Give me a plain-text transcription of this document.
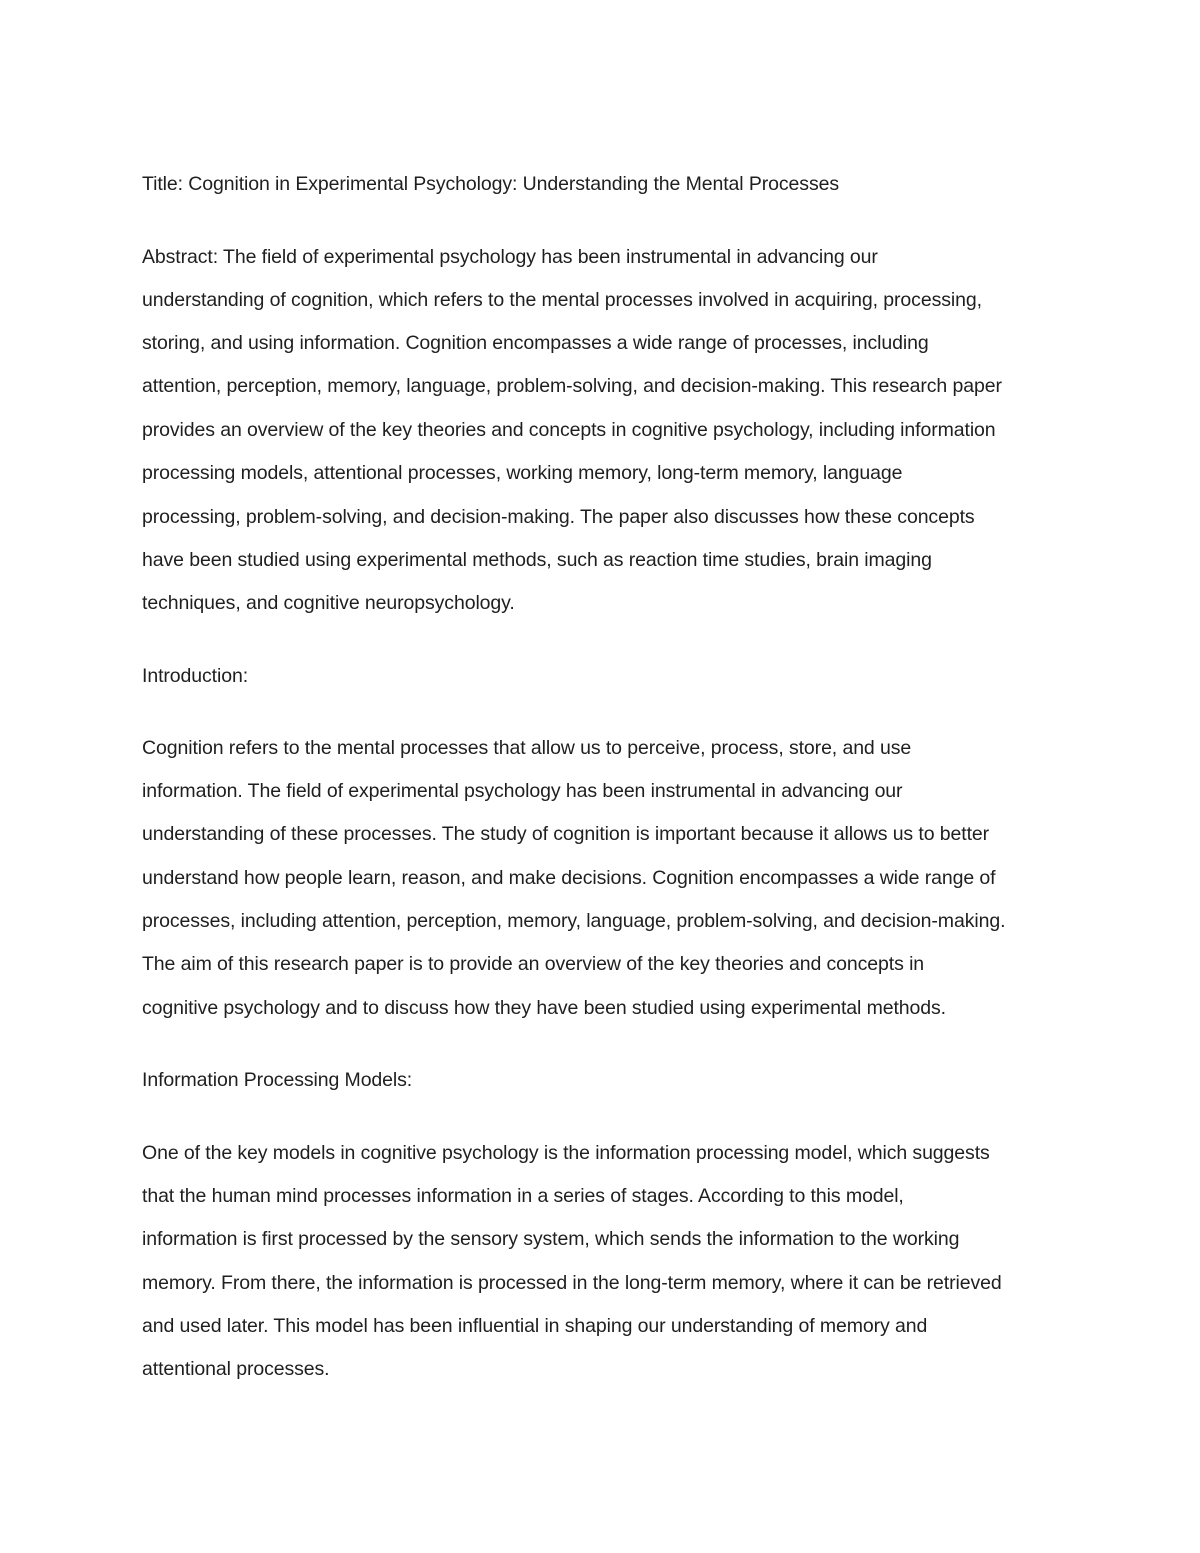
Title: Cognition in Experimental Psychology: Understanding the Mental Processes
Abstract: The field of experimental psychology has been instrumental in advancing our
understanding of cognition, which refers to the mental processes involved in acquiring, processing,
storing, and using information. Cognition encompasses a wide range of processes, including
attention, perception, memory, language, problem-solving, and decision-making. This research paper
provides an overview of the key theories and concepts in cognitive psychology, including information
processing models, attentional processes, working memory, long-term memory, language
processing, problem-solving, and decision-making. The paper also discusses how these concepts
have been studied using experimental methods, such as reaction time studies, brain imaging
techniques, and cognitive neuropsychology.
Introduction:
Cognition refers to the mental processes that allow us to perceive, process, store, and use
information. The field of experimental psychology has been instrumental in advancing our
understanding of these processes. The study of cognition is important because it allows us to better
understand how people learn, reason, and make decisions. Cognition encompasses a wide range of
processes, including attention, perception, memory, language, problem-solving, and decision-making.
The aim of this research paper is to provide an overview of the key theories and concepts in
cognitive psychology and to discuss how they have been studied using experimental methods.
Information Processing Models:
One of the key models in cognitive psychology is the information processing model, which suggests
that the human mind processes information in a series of stages. According to this model,
information is first processed by the sensory system, which sends the information to the working
memory. From there, the information is processed in the long-term memory, where it can be retrieved
and used later. This model has been influential in shaping our understanding of memory and
attentional processes.
